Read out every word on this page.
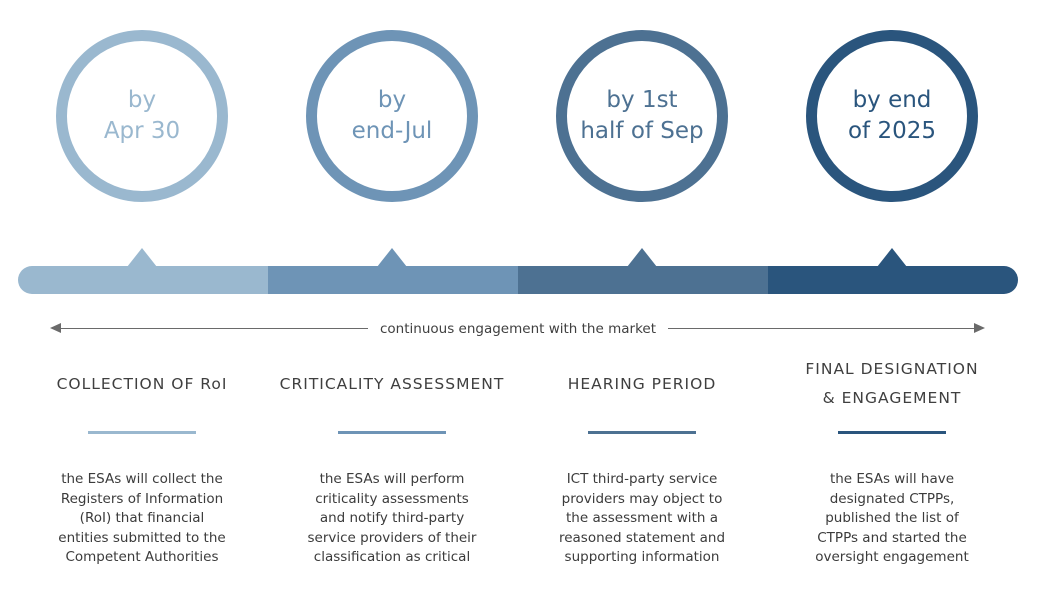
by
Apr 30
by
end-Jul
by 1st
half of Sep
by end
of 2025
continuous engagement with the market
COLLECTION OF RoI	CRITICALITY ASSESSMENT	HEARING PERIOD
FINAL DESIGNATION
& ENGAGEMENT
the ESAs will collect the
Registers of Information
(RoI) that financial
entities submitted to the
Competent Authorities
the ESAs will perform
criticality assessments
and notify third-party
service providers of their
classification as critical
ICT third-party service
providers may object to
the assessment with a
reasoned statement and
supporting information
the ESAs will have
designated CTPPs,
published the list of
CTPPs and started the
oversight engagement
